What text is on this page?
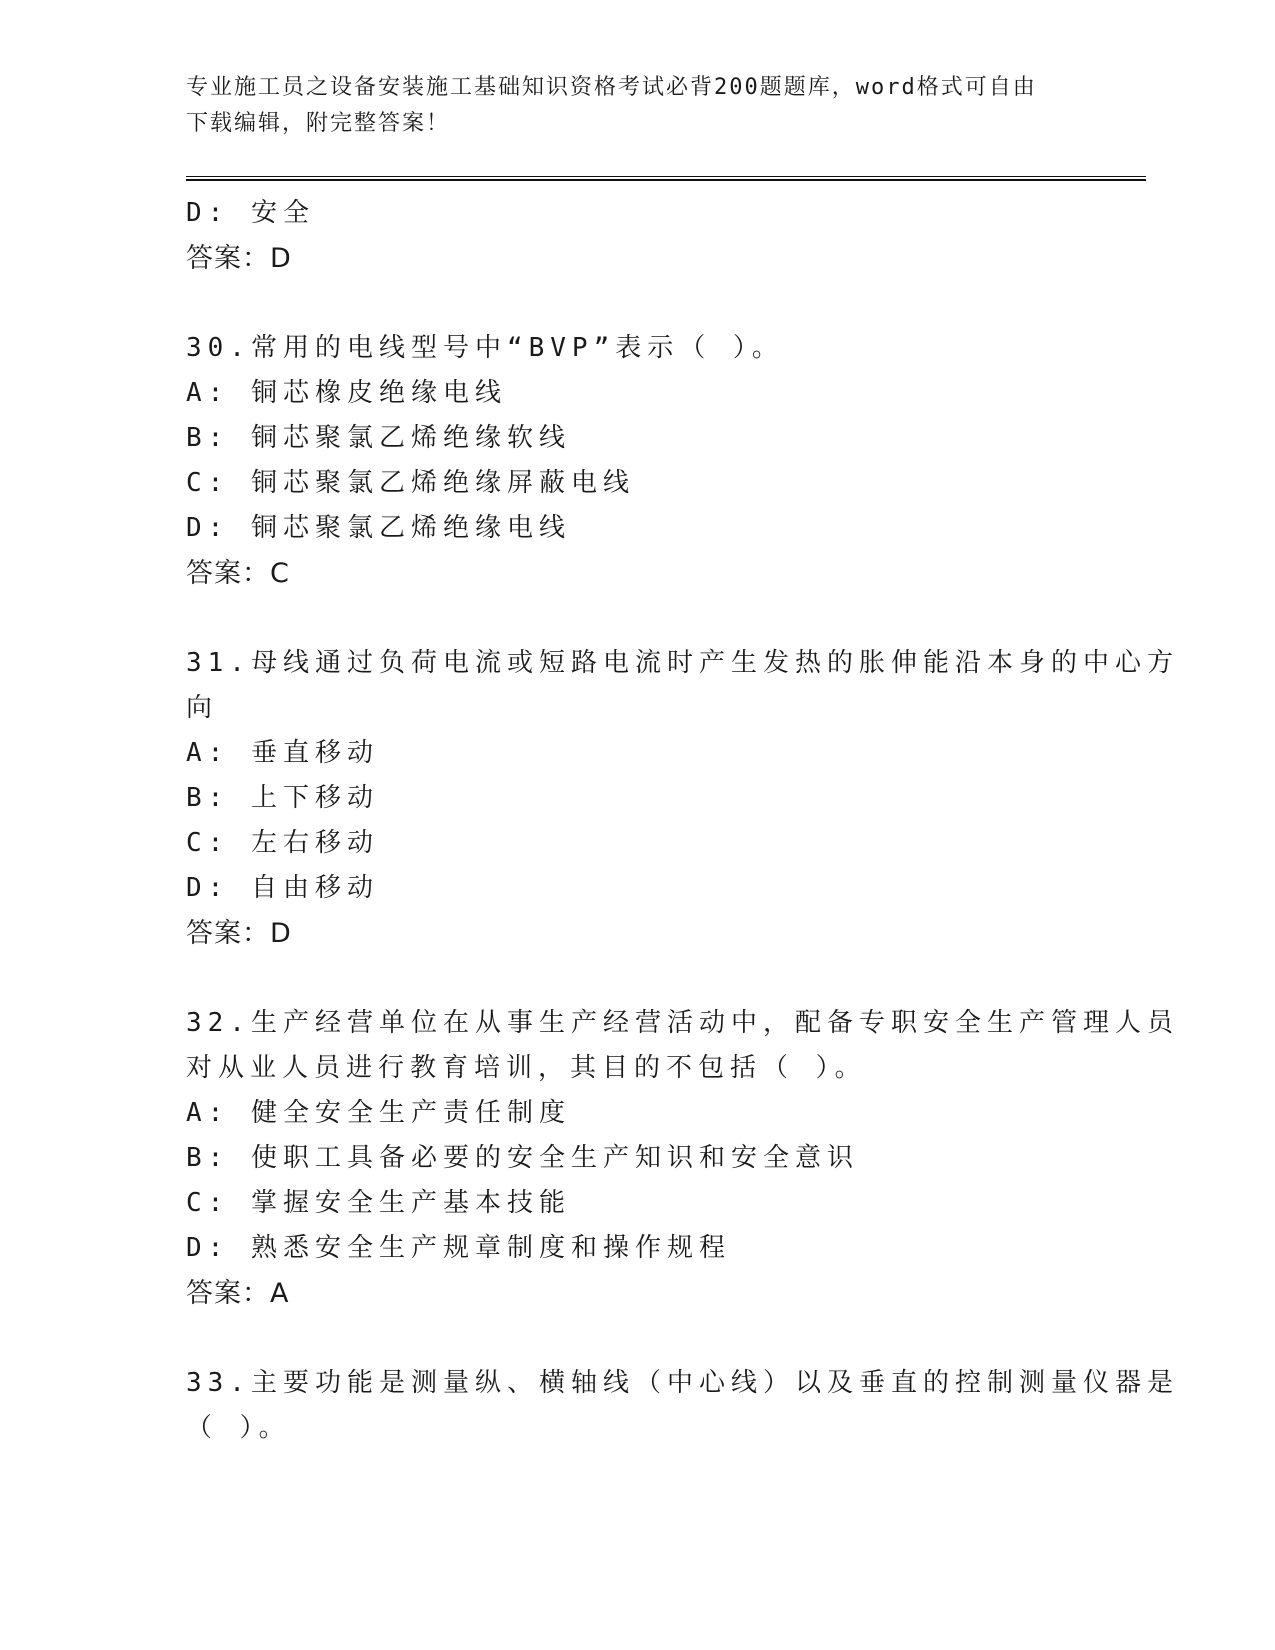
专业施工员之设备安装施工基础知识资格考试必背200题题库，word格式可自由
下载编辑，附完整答案！
D: 安全
答案：D
30.常用的电线型号中“BVP”表示（ ）。
A: 铜芯橡皮绝缘电线
B: 铜芯聚氯乙烯绝缘软线
C: 铜芯聚氯乙烯绝缘屏蔽电线
D: 铜芯聚氯乙烯绝缘电线
答案：C
31.母线通过负荷电流或短路电流时产生发热的胀伸能沿本身的中心方
向
A: 垂直移动
B: 上下移动
C: 左右移动
D: 自由移动
答案：D
32.生产经营单位在从事生产经营活动中，配备专职安全生产管理人员
对从业人员进行教育培训，其目的不包括（ ）。
A: 健全安全生产责任制度
B: 使职工具备必要的安全生产知识和安全意识
C: 掌握安全生产基本技能
D: 熟悉安全生产规章制度和操作规程
答案：A
33.主要功能是测量纵、横轴线（中心线）以及垂直的控制测量仪器是
（ ）。
